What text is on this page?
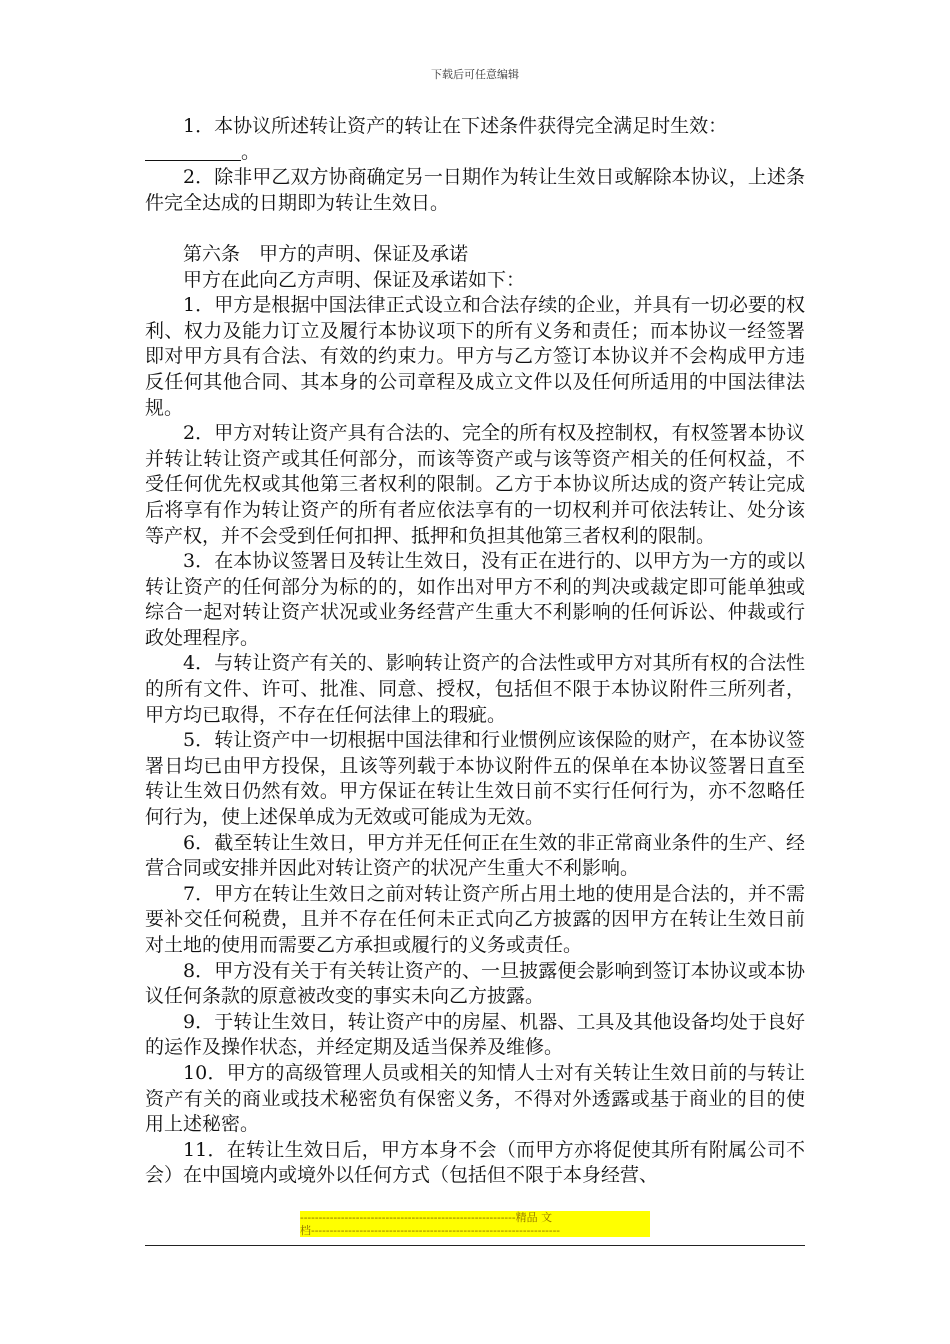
下载后可任意编辑

1．本协议所述转让资产的转让在下述条件获得完全满足时生效：

。

2．除非甲乙双方协商确定另一日期作为转让生效日或解除本协议，上述条件完全达成的日期即为转让生效日。

第六条　甲方的声明、保证及承诺

甲方在此向乙方声明、保证及承诺如下：

1．甲方是根据中国法律正式设立和合法存续的企业，并具有一切必要的权利、权力及能力订立及履行本协议项下的所有义务和责任；而本协议一经签署即对甲方具有合法、有效的约束力。甲方与乙方签订本协议并不会构成甲方违反任何其他合同、其本身的公司章程及成立文件以及任何所适用的中国法律法规。

2．甲方对转让资产具有合法的、完全的所有权及控制权，有权签署本协议并转让转让资产或其任何部分，而该等资产或与该等资产相关的任何权益，不受任何优先权或其他第三者权利的限制。乙方于本协议所达成的资产转让完成后将享有作为转让资产的所有者应依法享有的一切权利并可依法转让、处分该等产权，并不会受到任何扣押、抵押和负担其他第三者权利的限制。

3．在本协议签署日及转让生效日，没有正在进行的、以甲方为一方的或以转让资产的任何部分为标的的，如作出对甲方不利的判决或裁定即可能单独或综合一起对转让资产状况或业务经营产生重大不利影响的任何诉讼、仲裁或行政处理程序。

4．与转让资产有关的、影响转让资产的合法性或甲方对其所有权的合法性的所有文件、许可、批准、同意、授权，包括但不限于本协议附件三所列者，甲方均已取得，不存在任何法律上的瑕疵。

5．转让资产中一切根据中国法律和行业惯例应该保险的财产，在本协议签署日均已由甲方投保，且该等列载于本协议附件五的保单在本协议签署日直至转让生效日仍然有效。甲方保证在转让生效日前不实行任何行为，亦不忽略任何行为，使上述保单成为无效或可能成为无效。

6．截至转让生效日，甲方并无任何正在生效的非正常商业条件的生产、经营合同或安排并因此对转让资产的状况产生重大不利影响。

7．甲方在转让生效日之前对转让资产所占用土地的使用是合法的，并不需要补交任何税费，且并不存在任何未正式向乙方披露的因甲方在转让生效日前对土地的使用而需要乙方承担或履行的义务或责任。

8．甲方没有关于有关转让资产的、一旦披露便会影响到签订本协议或本协议任何条款的原意被改变的事实未向乙方披露。

9．于转让生效日，转让资产中的房屋、机器、工具及其他设备均处于良好的运作及操作状态，并经定期及适当保养及维修。

10．甲方的高级管理人员或相关的知情人士对有关转让生效日前的与转让资产有关的商业或技术秘密负有保密义务，不得对外透露或基于商业的目的使用上述秘密。

11．在转让生效日后，甲方本身不会（而甲方亦将促使其所有附属公司不会）在中国境内或境外以任何方式（包括但不限于本身经营、

----------------------------------------------------------精品 文
档-------------------------------------------------------------------
